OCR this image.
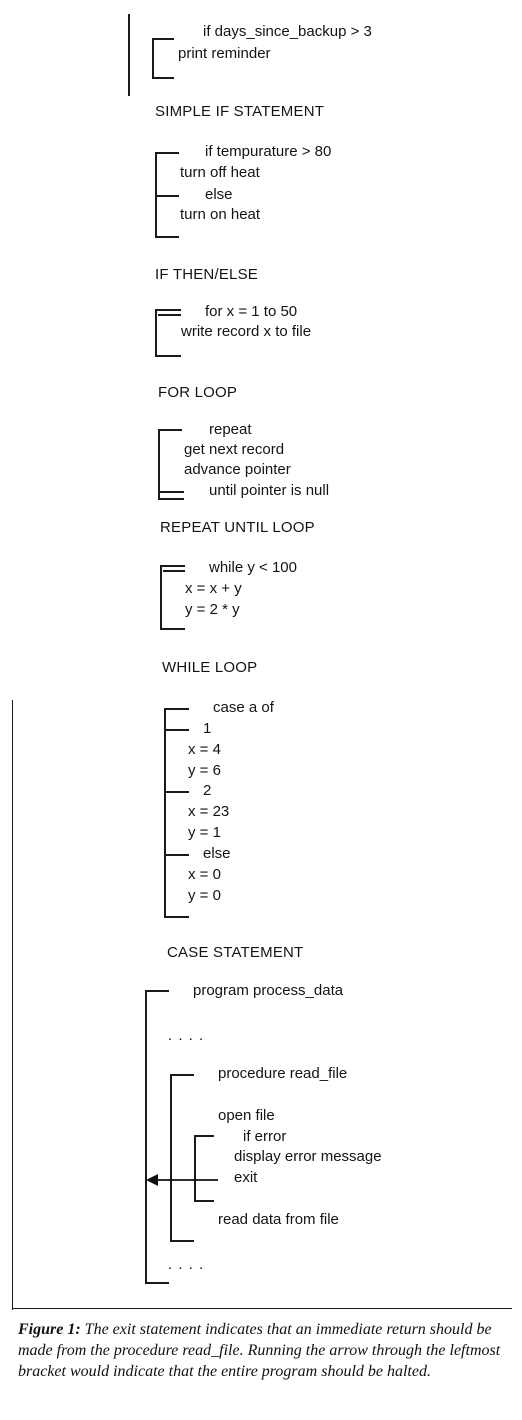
if days_since_backup > 3

print reminder

SIMPLE IF STATEMENT

if tempurature > 80

turn off heat

else

turn on heat

IF THEN/ELSE

for x = 1 to 50

write record x to file

FOR LOOP

repeat

get next record

advance pointer

until pointer is null

REPEAT UNTIL LOOP

while y < 100

x = x + y

y = 2 * y

WHILE LOOP

case a of

1

x = 4

y = 6

2

x = 23

y = 1

else

x = 0

y = 0

CASE STATEMENT

program process_data

. . . .

procedure read_file

open file

if error

display error message

exit

read data from file

. . . .

Figure 1: The exit statement indicates that an immediate return should be made from the procedure read_file. Running the arrow through the leftmost bracket would indicate that the entire program should be halted.
